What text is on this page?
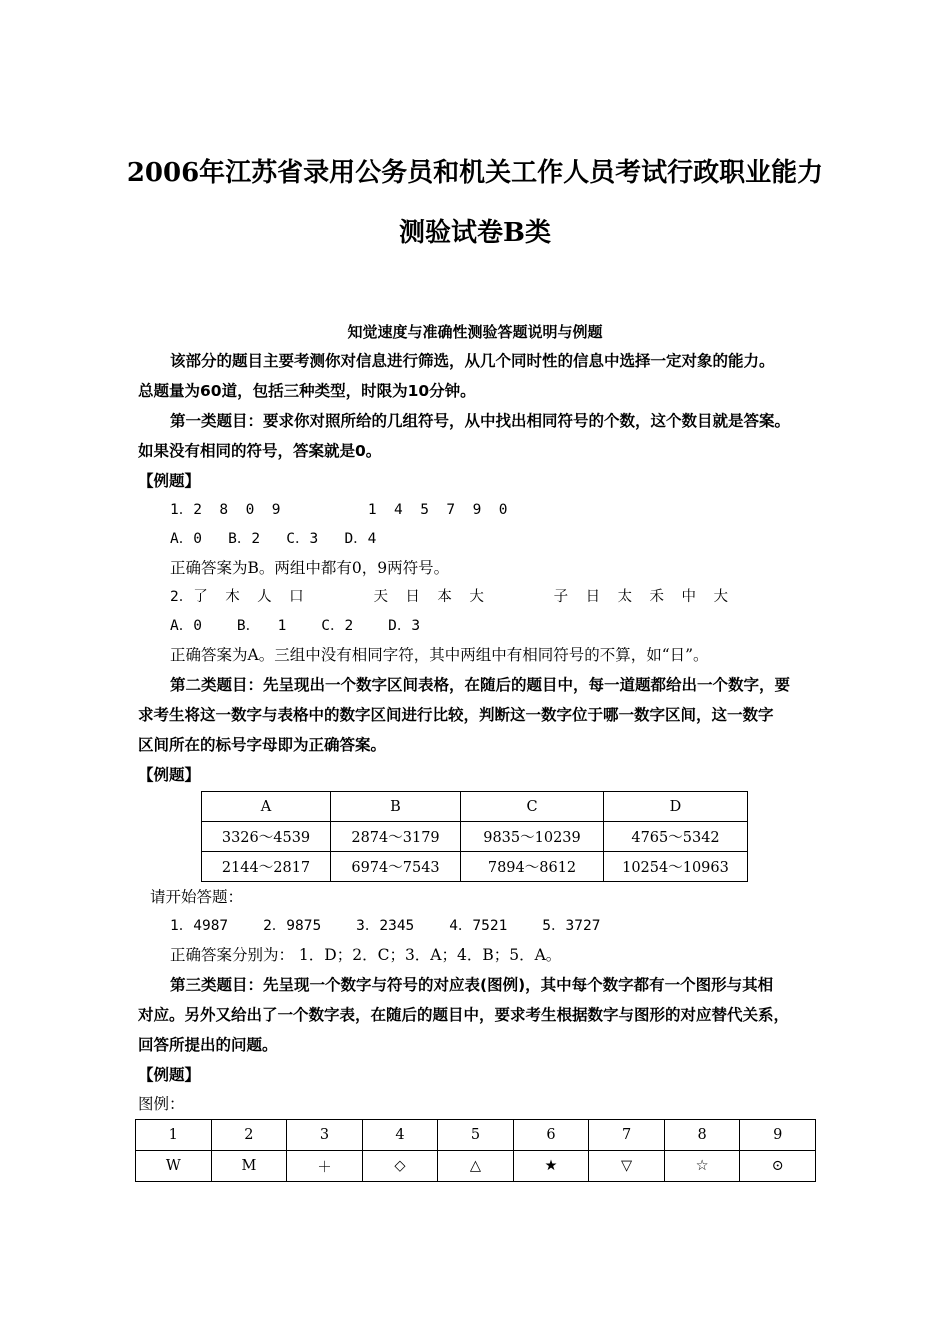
2006年江苏省录用公务员和机关工作人员考试行政职业能力
测验试卷B类
知觉速度与准确性测验答题说明与例题
该部分的题目主要考测你对信息进行筛选，从几个同时性的信息中选择一定对象的能力。
总题量为60道，包括三种类型，时限为10分钟。
第一类题目：要求你对照所给的几组符号，从中找出相同符号的个数，这个数目就是答案。
如果没有相同的符号，答案就是0。
【例题】
1．2  8  0  9          1  4  5  7  9  0
A．0   B．2   C．3   D．4
正确答案为B。两组中都有0，9两符号。
2．了  木  人  口        天  日  本  大        子  日  太  禾  中  大
A．0    B．  1    C．2    D．3
正确答案为A。三组中没有相同字符，其中两组中有相同符号的不算，如“日”。
第二类题目：先呈现出一个数字区间表格，在随后的题目中，每一道题都给出一个数字，要
求考生将这一数字与表格中的数字区间进行比较，判断这一数字位于哪一数字区间，这一数字
区间所在的标号字母即为正确答案。
【例题】
A	B	C	D
3326～4539	2874～3179	9835～10239	4765～5342
2144～2817	6974～7543	7894～8612	10254～10963
请开始答题：
1．4987    2．9875    3．2345    4．7521    5．3727
正确答案分别为： 1．D；2．C；3．A；4．B；5．A。
第三类题目：先呈现一个数字与符号的对应表(图例)，其中每个数字都有一个图形与其相
对应。另外又给出了一个数字表，在随后的题目中，要求考生根据数字与图形的对应替代关系，
回答所提出的问题。
【例题】
图例：
1	2	3	4	5	6	7	8	9
W	M	＋	◇	△	★	▽	☆	⊙
